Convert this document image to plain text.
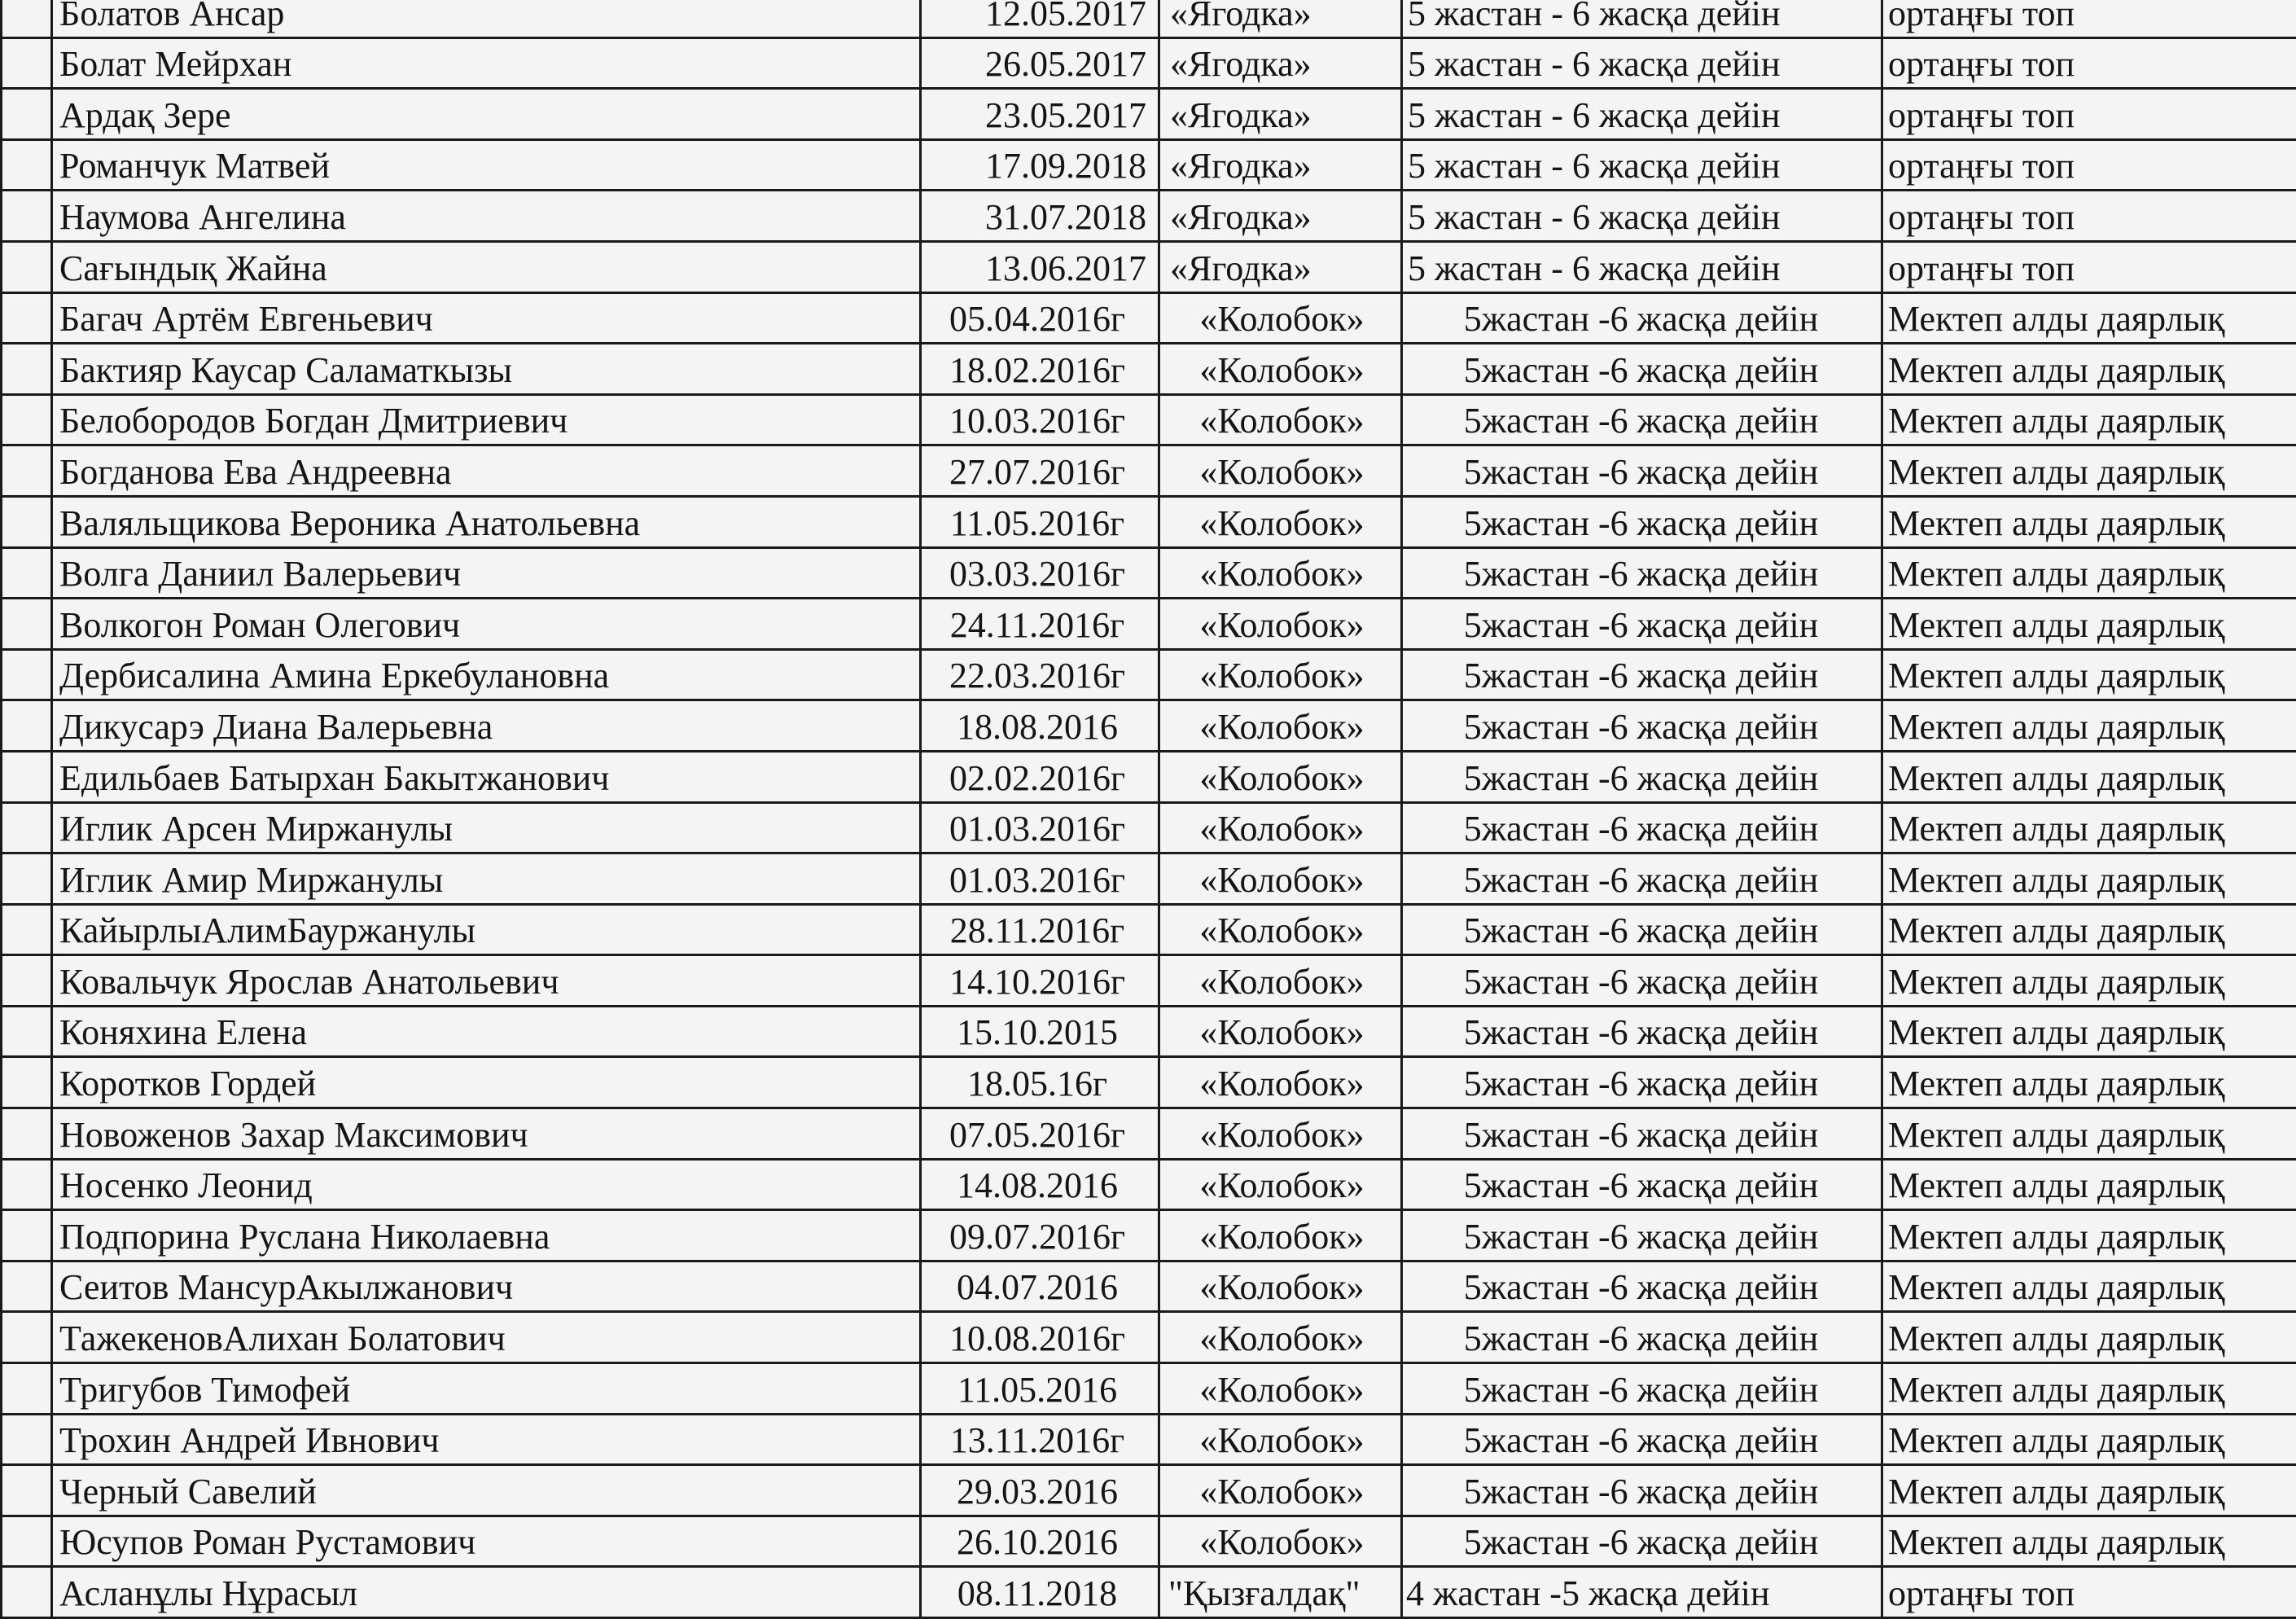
	Болатов Ансар	12.05.2017	«Ягодка»	5 жастан - 6 жасқа дейін	ортаңғы топ
	Болат Мейрхан	26.05.2017	«Ягодка»	5 жастан - 6 жасқа дейін	ортаңғы топ
	Ардақ Зере	23.05.2017	«Ягодка»	5 жастан - 6 жасқа дейін	ортаңғы топ
	Романчук Матвей	17.09.2018	«Ягодка»	5 жастан - 6 жасқа дейін	ортаңғы топ
	Наумова Ангелина	31.07.2018	«Ягодка»	5 жастан - 6 жасқа дейін	ортаңғы топ
	Сағындық Жайна	13.06.2017	«Ягодка»	5 жастан - 6 жасқа дейін	ортаңғы топ
	Багач Артём Евгеньевич	05.04.2016г	«Колобок»	5жастан -6 жасқа дейін	Мектеп алды даярлық
	Бактияр Каусар Саламаткызы	18.02.2016г	«Колобок»	5жастан -6 жасқа дейін	Мектеп алды даярлық
	Белобородов Богдан Дмитриевич	10.03.2016г	«Колобок»	5жастан -6 жасқа дейін	Мектеп алды даярлық
	Богданова Ева Андреевна	27.07.2016г	«Колобок»	5жастан -6 жасқа дейін	Мектеп алды даярлық
	Валяльщикова Вероника Анатольевна	11.05.2016г	«Колобок»	5жастан -6 жасқа дейін	Мектеп алды даярлық
	Волга Даниил Валерьевич	03.03.2016г	«Колобок»	5жастан -6 жасқа дейін	Мектеп алды даярлық
	Волкогон Роман Олегович	24.11.2016г	«Колобок»	5жастан -6 жасқа дейін	Мектеп алды даярлық
	Дербисалина Амина Еркебулановна	22.03.2016г	«Колобок»	5жастан -6 жасқа дейін	Мектеп алды даярлық
	Дикусарэ Диана Валерьевна	18.08.2016	«Колобок»	5жастан -6 жасқа дейін	Мектеп алды даярлық
	Едильбаев Батырхан Бакытжанович	02.02.2016г	«Колобок»	5жастан -6 жасқа дейін	Мектеп алды даярлық
	Иглик Арсен Миржанулы	01.03.2016г	«Колобок»	5жастан -6 жасқа дейін	Мектеп алды даярлық
	Иглик Амир Миржанулы	01.03.2016г	«Колобок»	5жастан -6 жасқа дейін	Мектеп алды даярлық
	КайырлыАлимБауржанулы	28.11.2016г	«Колобок»	5жастан -6 жасқа дейін	Мектеп алды даярлық
	Ковальчук Ярослав Анатольевич	14.10.2016г	«Колобок»	5жастан -6 жасқа дейін	Мектеп алды даярлық
	Коняхина Елена	15.10.2015	«Колобок»	5жастан -6 жасқа дейін	Мектеп алды даярлық
	Коротков Гордей	18.05.16г	«Колобок»	5жастан -6 жасқа дейін	Мектеп алды даярлық
	Новоженов Захар Максимович	07.05.2016г	«Колобок»	5жастан -6 жасқа дейін	Мектеп алды даярлық
	Носенко Леонид	14.08.2016	«Колобок»	5жастан -6 жасқа дейін	Мектеп алды даярлық
	Подпорина Руслана Николаевна	09.07.2016г	«Колобок»	5жастан -6 жасқа дейін	Мектеп алды даярлық
	Сеитов МансурАкылжанович	04.07.2016	«Колобок»	5жастан -6 жасқа дейін	Мектеп алды даярлық
	ТажекеновАлихан Болатович	10.08.2016г	«Колобок»	5жастан -6 жасқа дейін	Мектеп алды даярлық
	Тригубов Тимофей	11.05.2016	«Колобок»	5жастан -6 жасқа дейін	Мектеп алды даярлық
	Трохин Андрей Ивнович	13.11.2016г	«Колобок»	5жастан -6 жасқа дейін	Мектеп алды даярлық
	Черный Савелий	29.03.2016	«Колобок»	5жастан -6 жасқа дейін	Мектеп алды даярлық
	Юсупов Роман Рустамович	26.10.2016	«Колобок»	5жастан -6 жасқа дейін	Мектеп алды даярлық
	Асланұлы Нұрасыл	08.11.2018	"Қызғалдақ"	4 жастан -5 жасқа дейін	ортаңғы топ
